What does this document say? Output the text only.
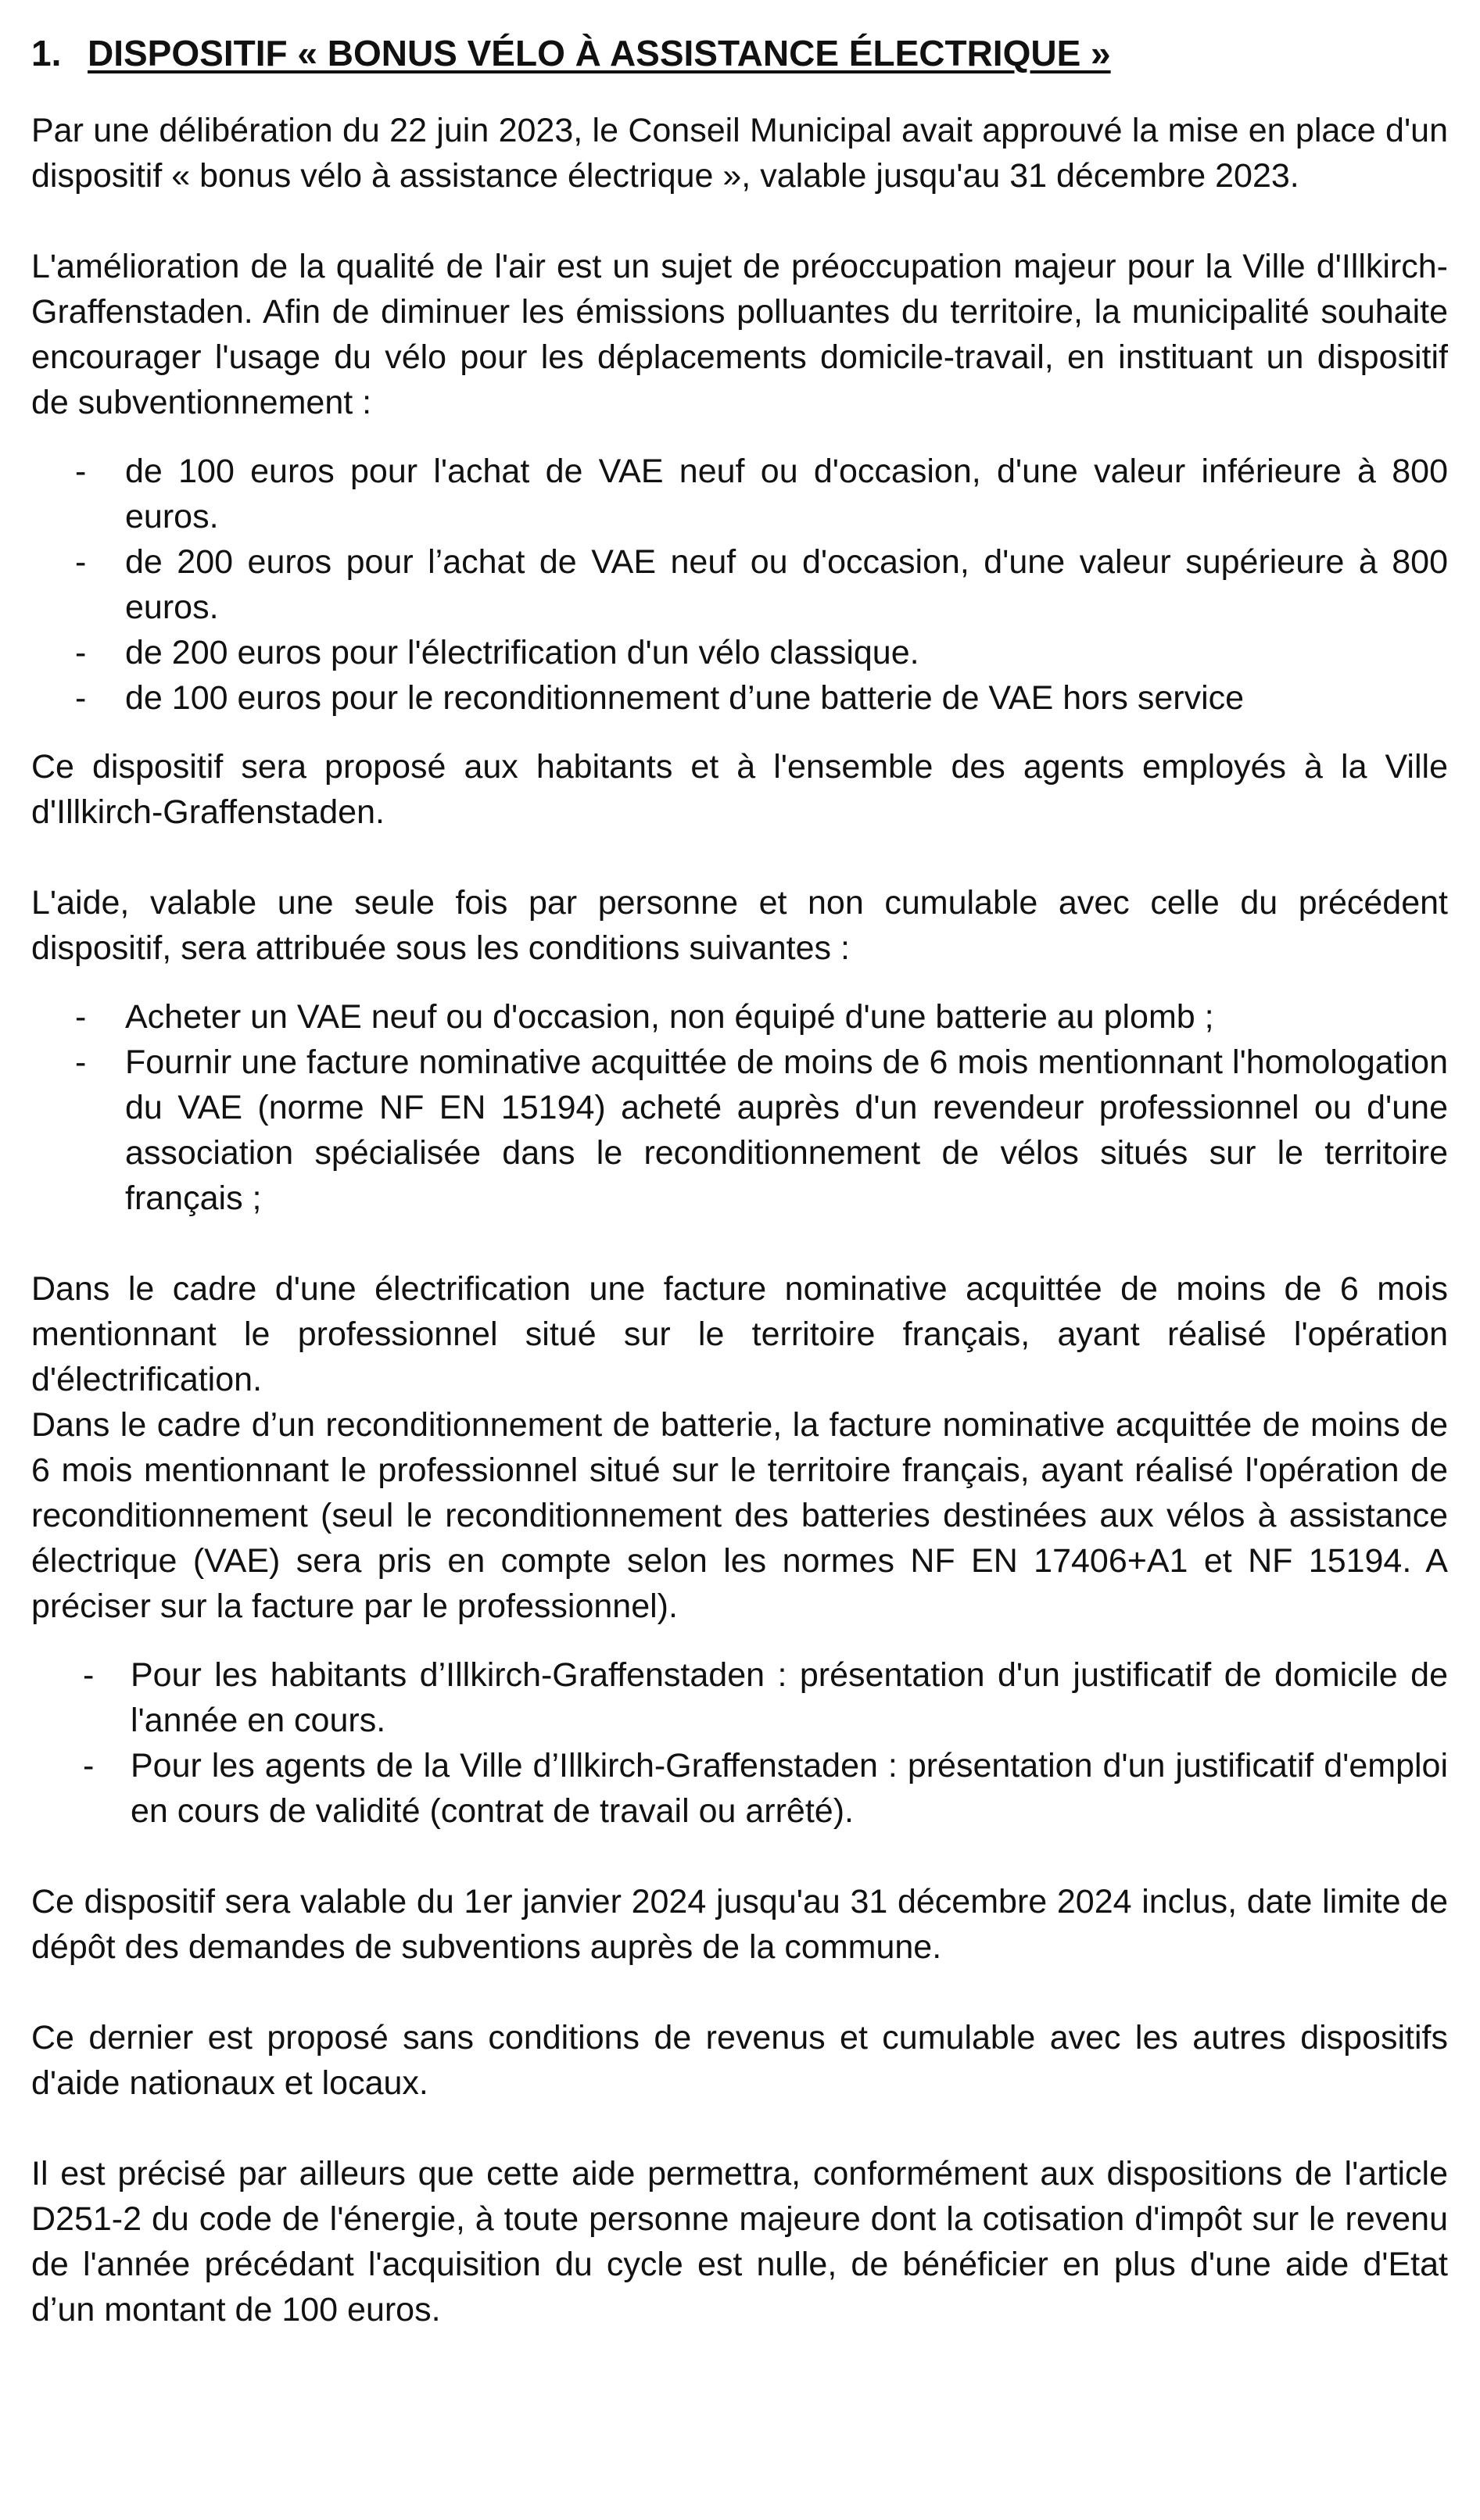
1. DISPOSITIF « BONUS VÉLO À ASSISTANCE ÉLECTRIQUE »

Par une délibération du 22 juin 2023, le Conseil Municipal avait approuvé la mise en place d'un dispositif « bonus vélo à assistance électrique », valable jusqu'au 31 décembre 2023.

L'amélioration de la qualité de l'air est un sujet de préoccupation majeur pour la Ville d'Illkirch-Graffenstaden. Afin de diminuer les émissions polluantes du territoire, la municipalité souhaite encourager l'usage du vélo pour les déplacements domicile-travail, en instituant un dispositif de subventionnement :

- de 100 euros pour l'achat de VAE neuf ou d'occasion, d'une valeur inférieure à 800 euros.
- de 200 euros pour l’achat de VAE neuf ou d'occasion, d'une valeur supérieure à 800 euros.
- de 200 euros pour l'électrification d'un vélo classique.
- de 100 euros pour le reconditionnement d’une batterie de VAE hors service

Ce dispositif sera proposé aux habitants et à l'ensemble des agents employés à la Ville d'Illkirch-Graffenstaden.

L'aide, valable une seule fois par personne et non cumulable avec celle du précédent dispositif, sera attribuée sous les conditions suivantes :

- Acheter un VAE neuf ou d'occasion, non équipé d'une batterie au plomb ;
- Fournir une facture nominative acquittée de moins de 6 mois mentionnant l'homologation du VAE (norme NF EN 15194) acheté auprès d'un revendeur professionnel ou d'une association spécialisée dans le reconditionnement de vélos situés sur le territoire français ;

Dans le cadre d'une électrification une facture nominative acquittée de moins de 6 mois mentionnant le professionnel situé sur le territoire français, ayant réalisé l'opération d'électrification.

Dans le cadre d’un reconditionnement de batterie, la facture nominative acquittée de moins de 6 mois mentionnant le professionnel situé sur le territoire français, ayant réalisé l'opération de reconditionnement (seul le reconditionnement des batteries destinées aux vélos à assistance électrique (VAE) sera pris en compte selon les normes NF EN 17406+A1 et NF 15194. A préciser sur la facture par le professionnel).

- Pour les habitants d’Illkirch-Graffenstaden : présentation d'un justificatif de domicile de l'année en cours.
- Pour les agents de la Ville d’Illkirch-Graffenstaden : présentation d'un justificatif d'emploi en cours de validité (contrat de travail ou arrêté).

Ce dispositif sera valable du 1er janvier 2024 jusqu'au 31 décembre 2024 inclus, date limite de dépôt des demandes de subventions auprès de la commune.

Ce dernier est proposé sans conditions de revenus et cumulable avec les autres dispositifs d'aide nationaux et locaux.

Il est précisé par ailleurs que cette aide permettra, conformément aux dispositions de l'article D251-2 du code de l'énergie, à toute personne majeure dont la cotisation d'impôt sur le revenu de l'année précédant l'acquisition du cycle est nulle, de bénéficier en plus d'une aide d'Etat d’un montant de 100 euros.
